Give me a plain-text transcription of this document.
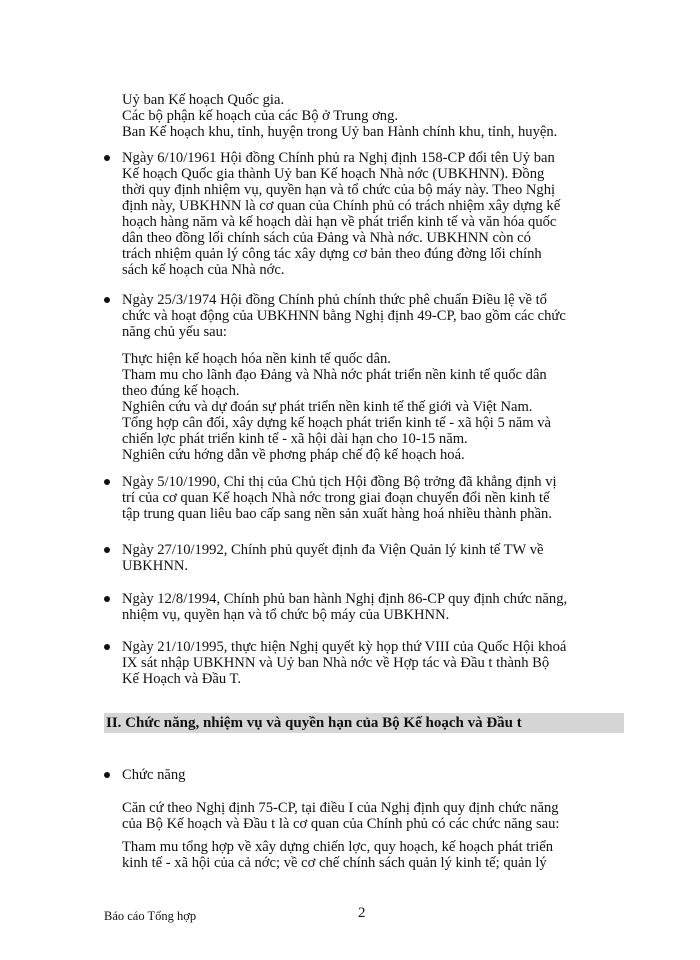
Uỷ ban Kế hoạch Quốc gia.
Các bộ phận kế hoạch của các Bộ ở Trung ơng.
Ban Kế hoạch khu, tỉnh, huyện trong Uỷ ban Hành chính khu, tỉnh, huyện.
Ngày 6/10/1961 Hội đồng Chính phủ ra Nghị định 158-CP đổi tên Uỷ ban
Kế hoạch Quốc gia thành Uỷ ban Kế hoạch Nhà nớc (UBKHNN). Đồng
thời quy định nhiệm vụ, quyền hạn và tổ chức của bộ máy này. Theo Nghị
định này, UBKHNN là cơ quan của Chính phủ có trách nhiệm xây dựng kế
hoạch hàng năm và kế hoạch dài hạn về phát triển kinh tế và văn hóa quốc
dân theo đồng lối chính sách của Đảng và Nhà nớc. UBKHNN còn có
trách nhiệm quản lý công tác xây dựng cơ bản theo đúng đờng lối chính
sách kế hoạch của Nhà nớc.
Ngày 25/3/1974 Hội đồng Chính phủ chính thức phê chuẩn Điều lệ về tổ
chức và hoạt động của UBKHNN bằng Nghị định 49-CP, bao gồm các chức
năng chủ yếu sau:
Thực hiện kế hoạch hóa nền kinh tế quốc dân.
Tham mu cho lãnh đạo Đảng và Nhà nớc phát triển nền kinh tế quốc dân
theo đúng kế hoạch.
Nghiên cứu và dự đoán sự phát triển nền kinh tế thế giới và Việt Nam.
Tổng hợp cân đối, xây dựng kế hoạch phát triển kinh tế - xã hội 5 năm và
chiến lợc phát triển kinh tế - xã hội dài hạn cho 10-15 năm.
Nghiên cứu hớng dẫn về phơng pháp chế độ kế hoạch hoá.
Ngày 5/10/1990, Chỉ thị của Chủ tịch Hội đồng Bộ trởng đã khẳng định vị
trí của cơ quan Kế hoạch Nhà nớc trong giai đoạn chuyển đổi nền kinh tế
tập trung quan liêu bao cấp sang nền sản xuất hàng hoá nhiều thành phần.
Ngày 27/10/1992, Chính phủ quyết định đa Viện Quản lý kinh tế TW về
UBKHNN.
Ngày 12/8/1994, Chính phủ ban hành Nghị định 86-CP quy định chức năng,
nhiệm vụ, quyền hạn và tổ chức bộ máy của UBKHNN.
Ngày 21/10/1995, thực hiện Nghị quyết kỳ họp thứ VIII của Quốc Hội khoá
IX sát nhập UBKHNN và Uỷ ban Nhà nớc về Hợp tác và Đầu t thành Bộ
Kế Hoạch và Đầu T.
II. Chức năng, nhiệm vụ và quyền hạn của Bộ Kế hoạch và Đầu t
Chức năng
Căn cứ theo Nghị định 75-CP, tại điều I của Nghị định quy định chức năng
của Bộ Kế hoạch và Đầu t là cơ quan của Chính phủ có các chức năng sau:
Tham mu tổng hợp về xây dựng chiến lợc, quy hoạch, kế hoạch phát triển
kinh tế - xã hội của cả nớc; về cơ chế chính sách quản lý kinh tế; quản lý
Báo cáo Tổng hợp	2
